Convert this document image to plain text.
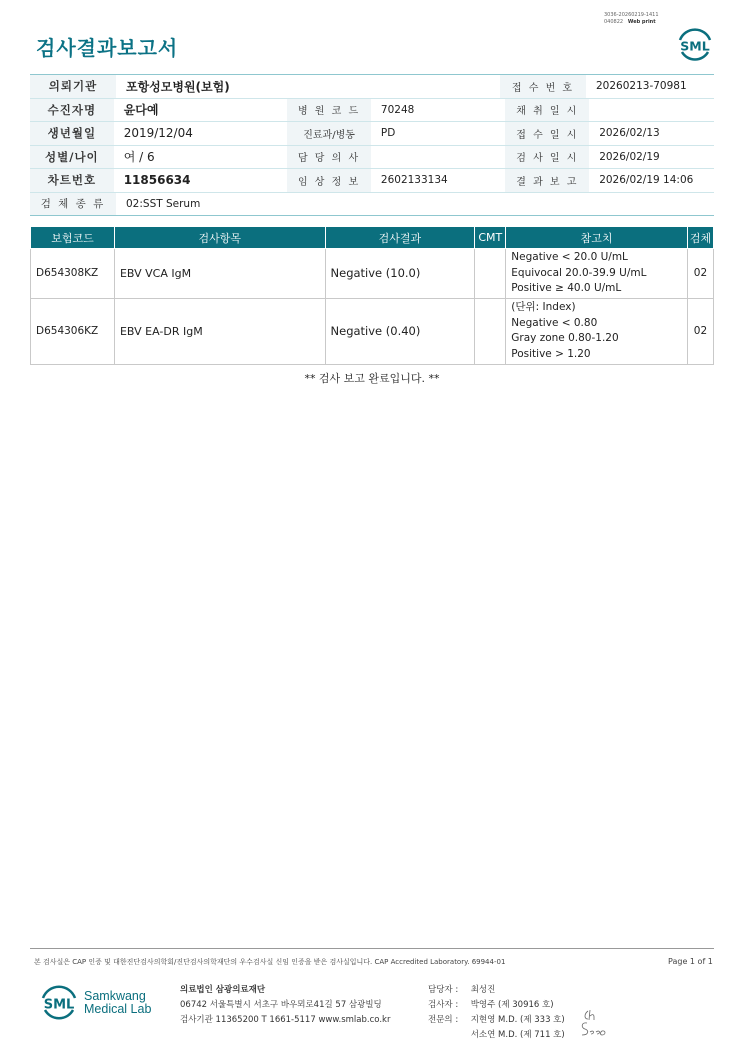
3036-20260219-1411
040822 Web print
검사결과보고서	SML
의뢰기관	포항성모병원(보험)	접 수 번 호	20260213-70981
수진자명	윤다예	병 원 코 드	70248	채 취 일 시
생년월일	2019/12/04	진료과/병동	PD	접 수 일 시	2026/02/13
성별/나이	여 / 6	담 당 의 사	검 사 일 시	2026/02/19
차트번호	11856634	임 상 정 보	2602133134	결 과 보 고	2026/02/19 14:06
검 체 종 류	02:SST Serum
보험코드	검사항목	검사결과	CMT	참고치	검체
D654308KZ	EBV VCA IgM	Negative (10.0)		Negative < 20.0 U/mL
Equivocal 20.0-39.9 U/mL
Positive ≥ 40.0 U/mL	02
D654306KZ	EBV EA-DR IgM	Negative (0.40)		(단위: Index)
Negative < 0.80
Gray zone 0.80-1.20
Positive > 1.20	02
** 검사 보고 완료입니다. **
본 검사실은 CAP 인증 및 대한진단검사의학회/진단검사의학재단의 우수검사실 신임 인증을 받은 검사실입니다. CAP Accredited Laboratory. 69944-01	Page 1 of 1
SML
Samkwang
Medical Lab
의료법인 삼광의료재단
06742 서울특별시 서초구 바우뫼로41길 57 삼광빌딩
검사기관 11365200 T 1661-5117 www.smlab.co.kr
담당자 : 최성진
검사자 : 박영주 (제 30916 호)
전문의 : 지현영 M.D. (제 333 호)
서소연 M.D. (제 711 호)
